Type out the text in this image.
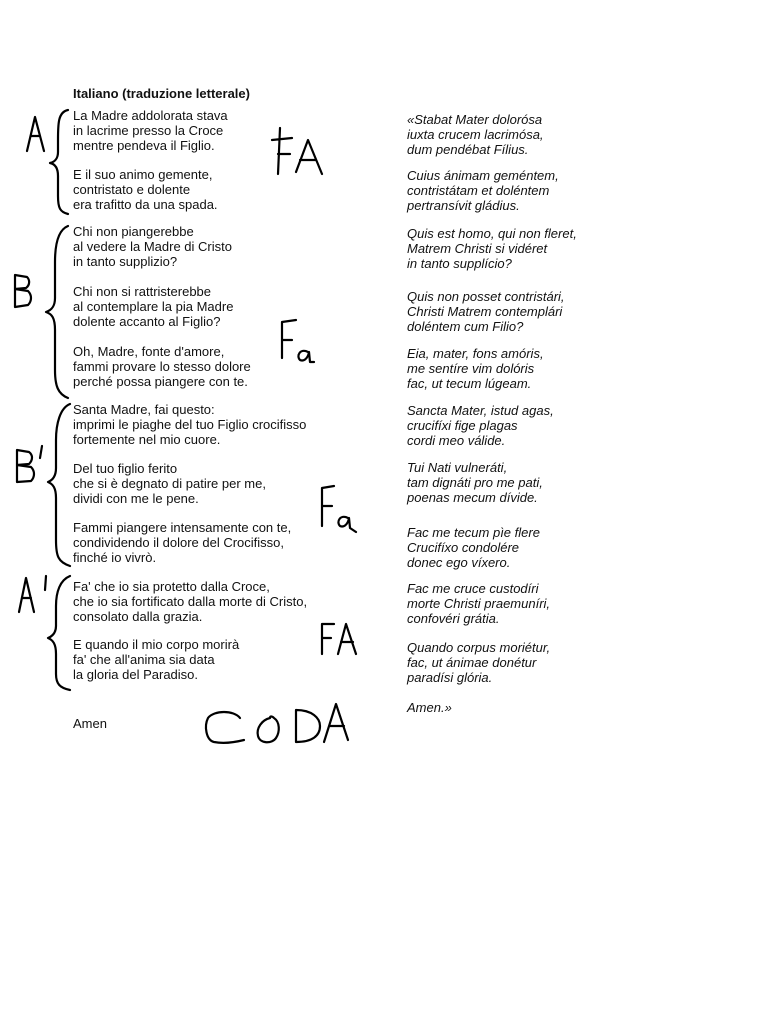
Italiano (traduzione letterale)
La Madre addolorata stava
in lacrime presso la Croce
mentre pendeva il Figlio.
E il suo animo gemente,
contristato e dolente
era trafitto da una spada.
Chi non piangerebbe
al vedere la Madre di Cristo
in tanto supplizio?
Chi non si rattristerebbe
al contemplare la pia Madre
dolente accanto al Figlio?
Oh, Madre, fonte d'amore,
fammi provare lo stesso dolore
perché possa piangere con te.
Santa Madre, fai questo:
imprimi le piaghe del tuo Figlio crocifisso
fortemente nel mio cuore.
Del tuo figlio ferito
che si è degnato di patire per me,
dividi con me le pene.
Fammi piangere intensamente con te,
condividendo il dolore del Crocifisso,
finché io vivrò.
Fa' che io sia protetto dalla Croce,
che io sia fortificato dalla morte di Cristo,
consolato dalla grazia.
E quando il mio corpo morirà
fa' che all'anima sia data
la gloria del Paradiso.
Amen
«Stabat Mater dolorósa
iuxta crucem lacrimósa,
dum pendébat Fílius.
Cuius ánimam geméntem,
contristátam et doléntem
pertransívit gládius.
Quis est homo, qui non fleret,
Matrem Christi si vidéret
in tanto supplício?
Quis non posset contristári,
Christi Matrem contemplári
doléntem cum Filio?
Eia, mater, fons amóris,
me sentíre vim dolóris
fac, ut tecum lúgeam.
Sancta Mater, istud agas,
crucifíxi fige plagas
cordi meo válide.
Tui Nati vulneráti,
tam dignáti pro me pati,
poenas mecum dívide.
Fac me tecum pìe flere
Crucifíxo condolére
donec ego víxero.
Fac me cruce custodíri
morte Christi praemuníri,
confovéri grátia.
Quando corpus moriétur,
fac, ut ánimae donétur
paradísi glória.
Amen.»
A
B
B'
A'
FA
Fa
Fa
FA
CODA
